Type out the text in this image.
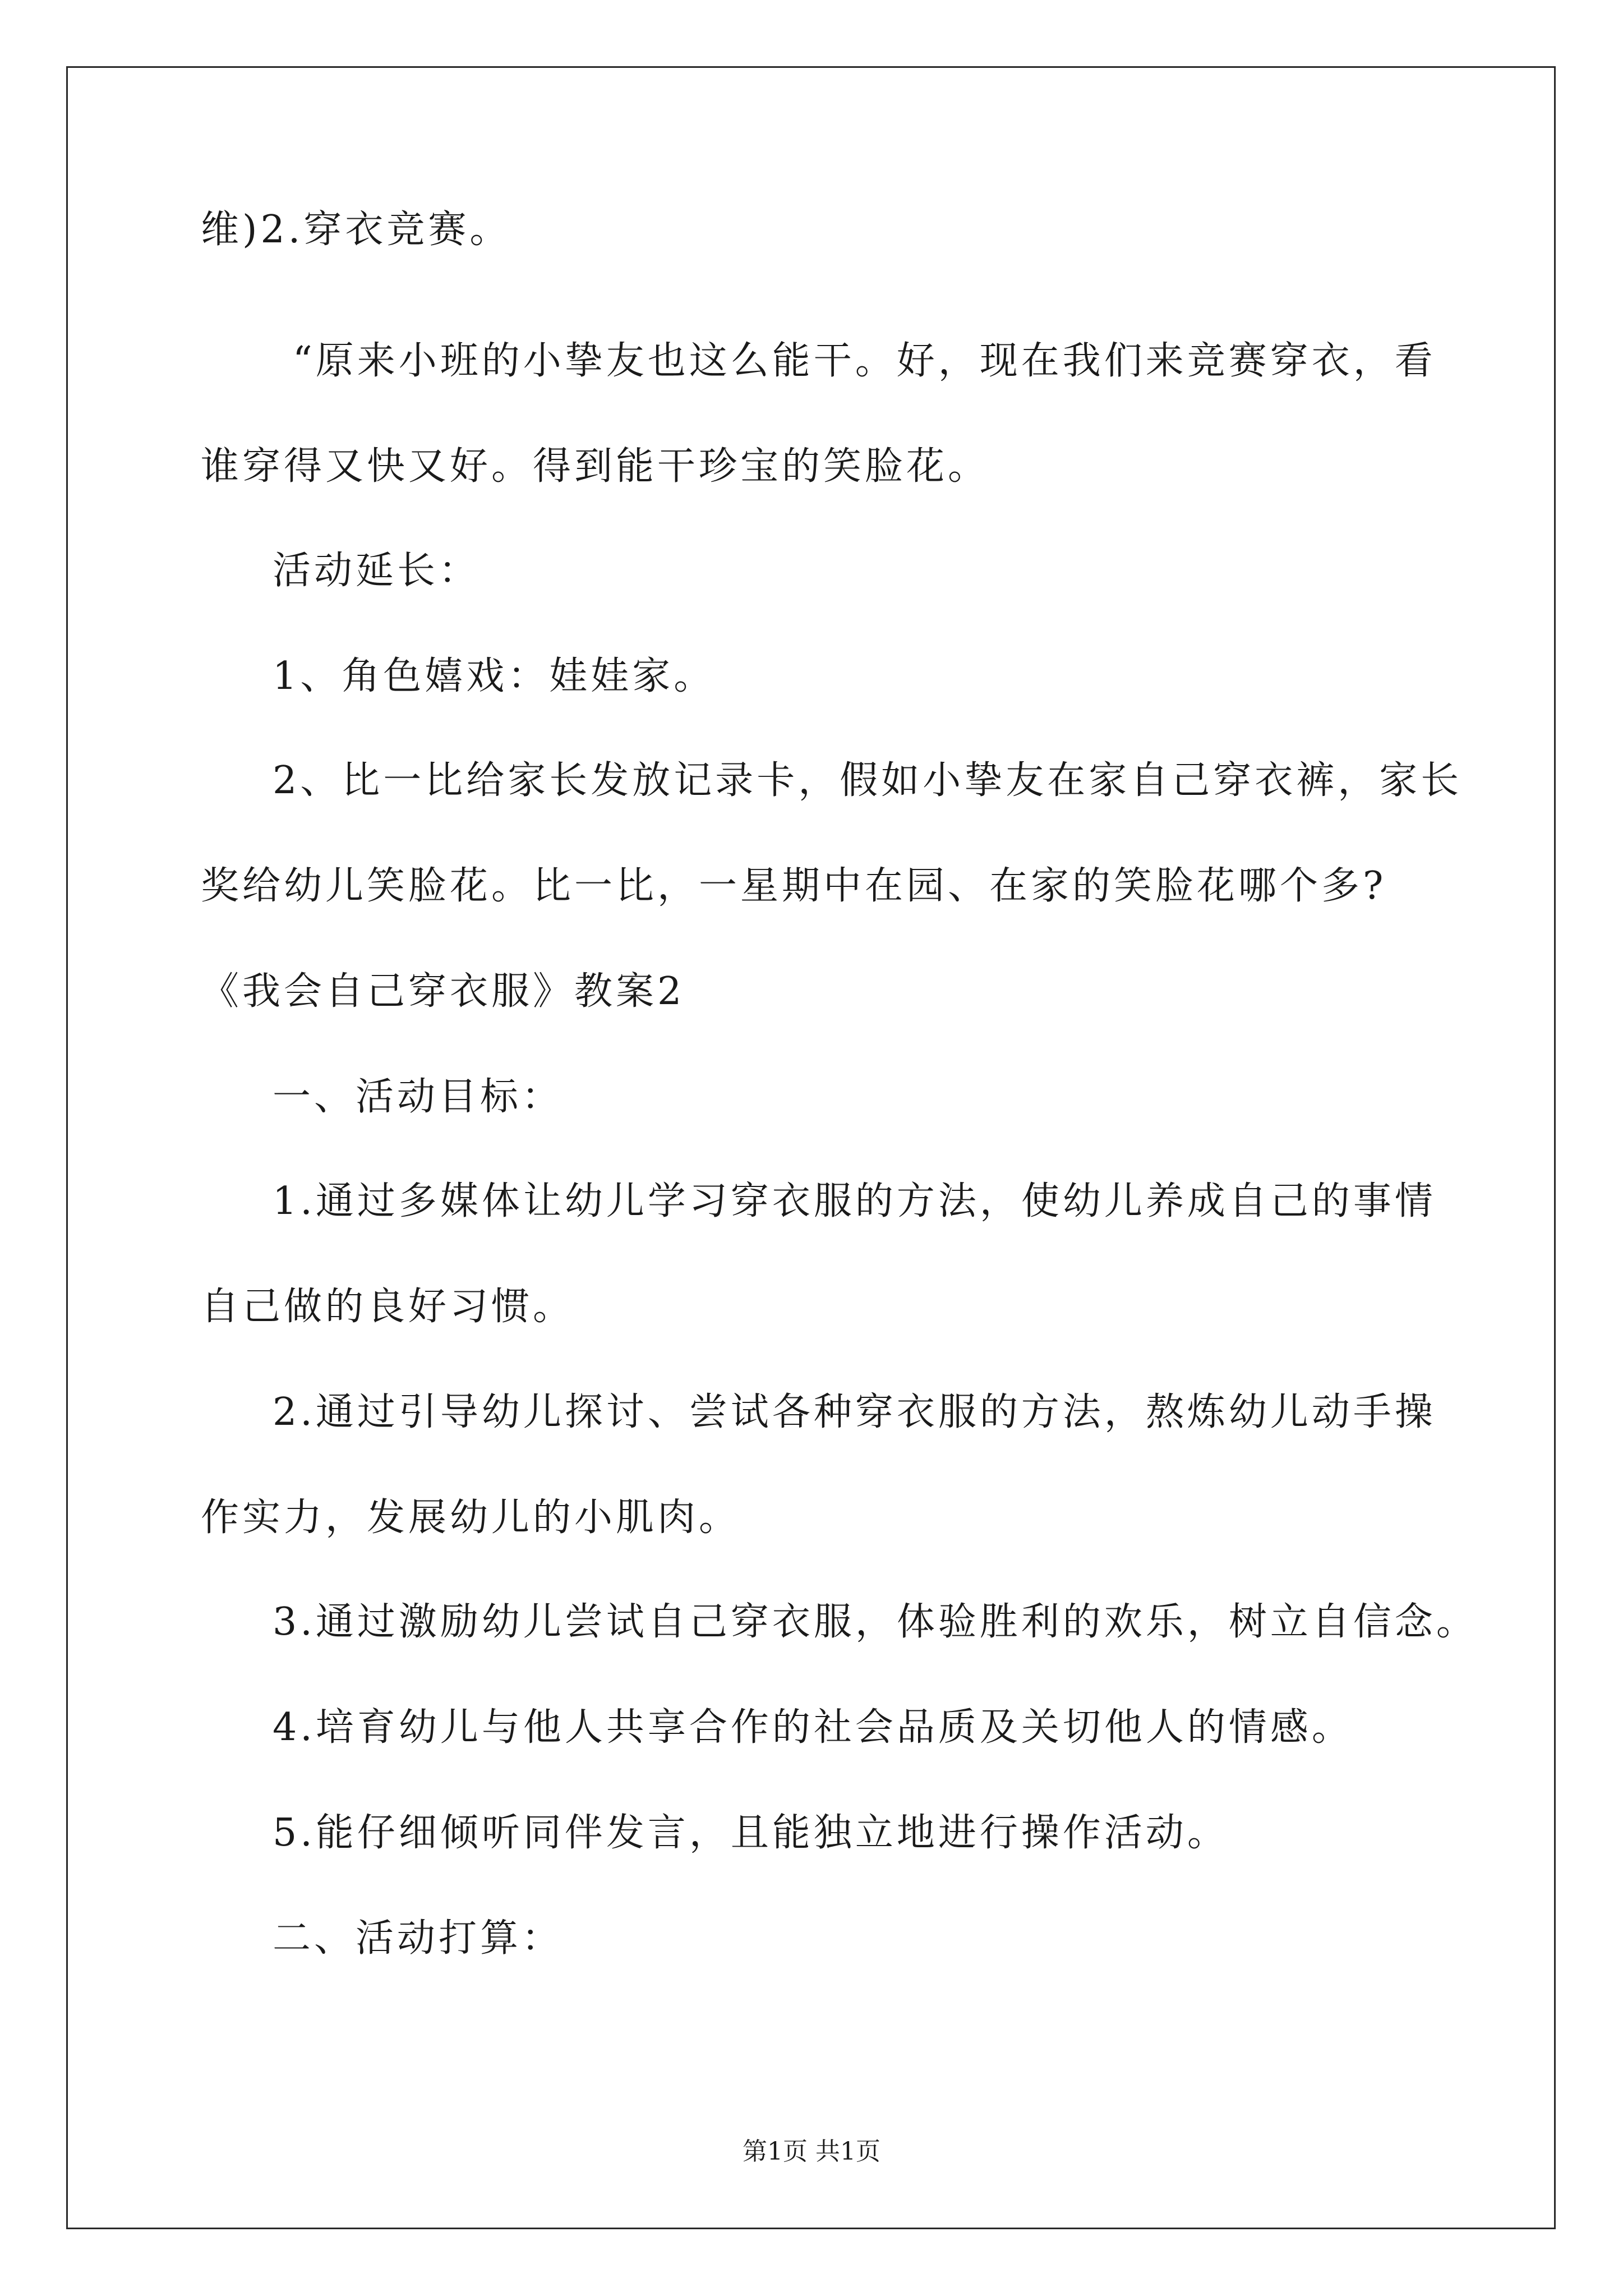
维)2.穿衣竞赛。
“原来小班的小挚友也这么能干。好，现在我们来竞赛穿衣，看
谁穿得又快又好。得到能干珍宝的笑脸花。
活动延长：
1、角色嬉戏：娃娃家。
2、比一比给家长发放记录卡，假如小挚友在家自己穿衣裤，家长
奖给幼儿笑脸花。比一比，一星期中在园、在家的笑脸花哪个多?
《我会自己穿衣服》教案2
一、活动目标：
1.通过多媒体让幼儿学习穿衣服的方法，使幼儿养成自己的事情
自己做的良好习惯。
2.通过引导幼儿探讨、尝试各种穿衣服的方法，熬炼幼儿动手操
作实力，发展幼儿的小肌肉。
3.通过激励幼儿尝试自己穿衣服，体验胜利的欢乐，树立自信念。
4.培育幼儿与他人共享合作的社会品质及关切他人的情感。
5.能仔细倾听同伴发言，且能独立地进行操作活动。
二、活动打算：
第1页 共1页
